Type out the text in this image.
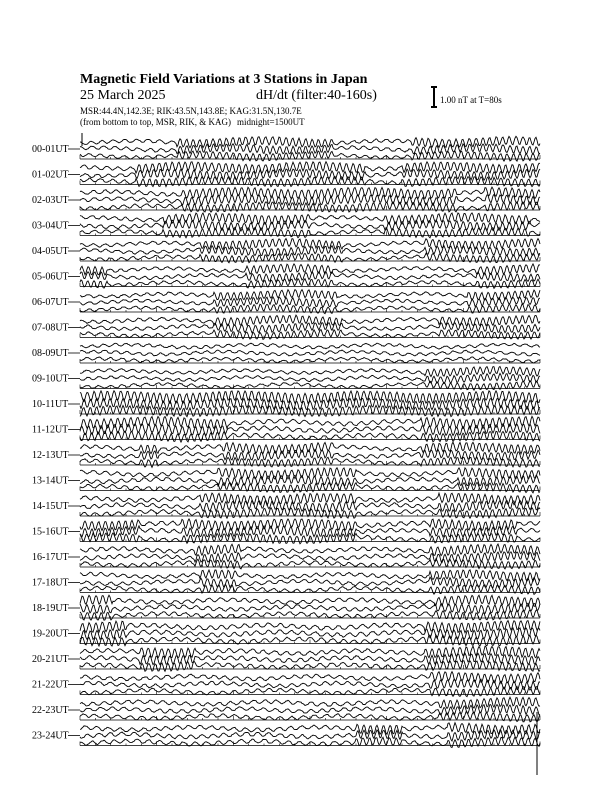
Magnetic Field Variations at 3 Stations in Japan
25 March 2025	dH/dt (filter:40-160s)
MSR:44.4N,142.3E; RIK:43.5N,143.8E; KAG:31.5N,130.7E
(from bottom to top, MSR, RIK, & KAG) midnight=1500UT
1.00 nT at T=80s
00-01UT
01-02UT
02-03UT
03-04UT
04-05UT
05-06UT
06-07UT
07-08UT
08-09UT
09-10UT
10-11UT
11-12UT
12-13UT
13-14UT
14-15UT
15-16UT
16-17UT
17-18UT
18-19UT
19-20UT
20-21UT
21-22UT
22-23UT
23-24UT
